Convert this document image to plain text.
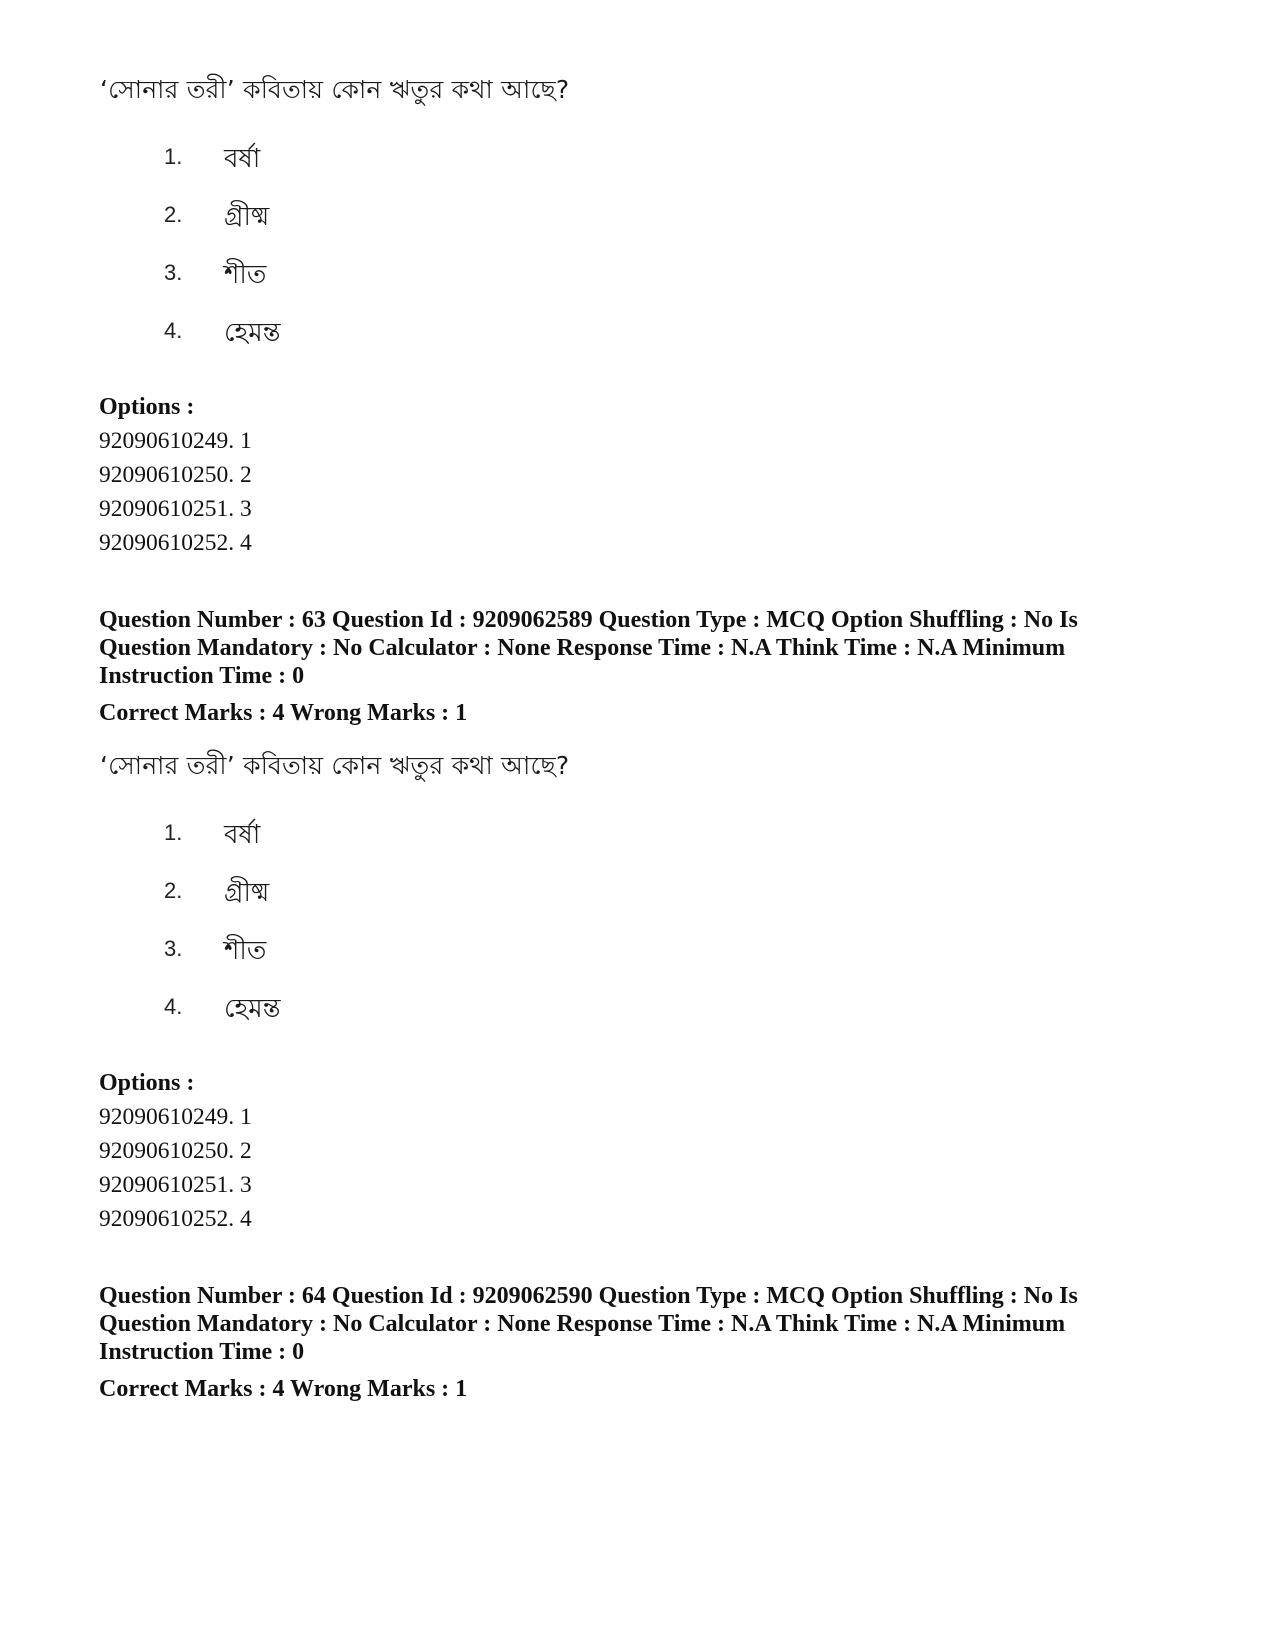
‘সোনার তরী’ কবিতায় কোন ঋতুর কথা আছে?
1. বর্ষা
2. গ্রীষ্ম
3. শীত
4. হেমন্ত
Options :
92090610249. 1
92090610250. 2
92090610251. 3
92090610252. 4
Question Number : 63 Question Id : 9209062589 Question Type : MCQ Option Shuffling : No Is
Question Mandatory : No Calculator : None Response Time : N.A Think Time : N.A Minimum
Instruction Time : 0
Correct Marks : 4 Wrong Marks : 1
‘সোনার তরী’ কবিতায় কোন ঋতুর কথা আছে?
1. বর্ষা
2. গ্রীষ্ম
3. শীত
4. হেমন্ত
Options :
92090610249. 1
92090610250. 2
92090610251. 3
92090610252. 4
Question Number : 64 Question Id : 9209062590 Question Type : MCQ Option Shuffling : No Is
Question Mandatory : No Calculator : None Response Time : N.A Think Time : N.A Minimum
Instruction Time : 0
Correct Marks : 4 Wrong Marks : 1
